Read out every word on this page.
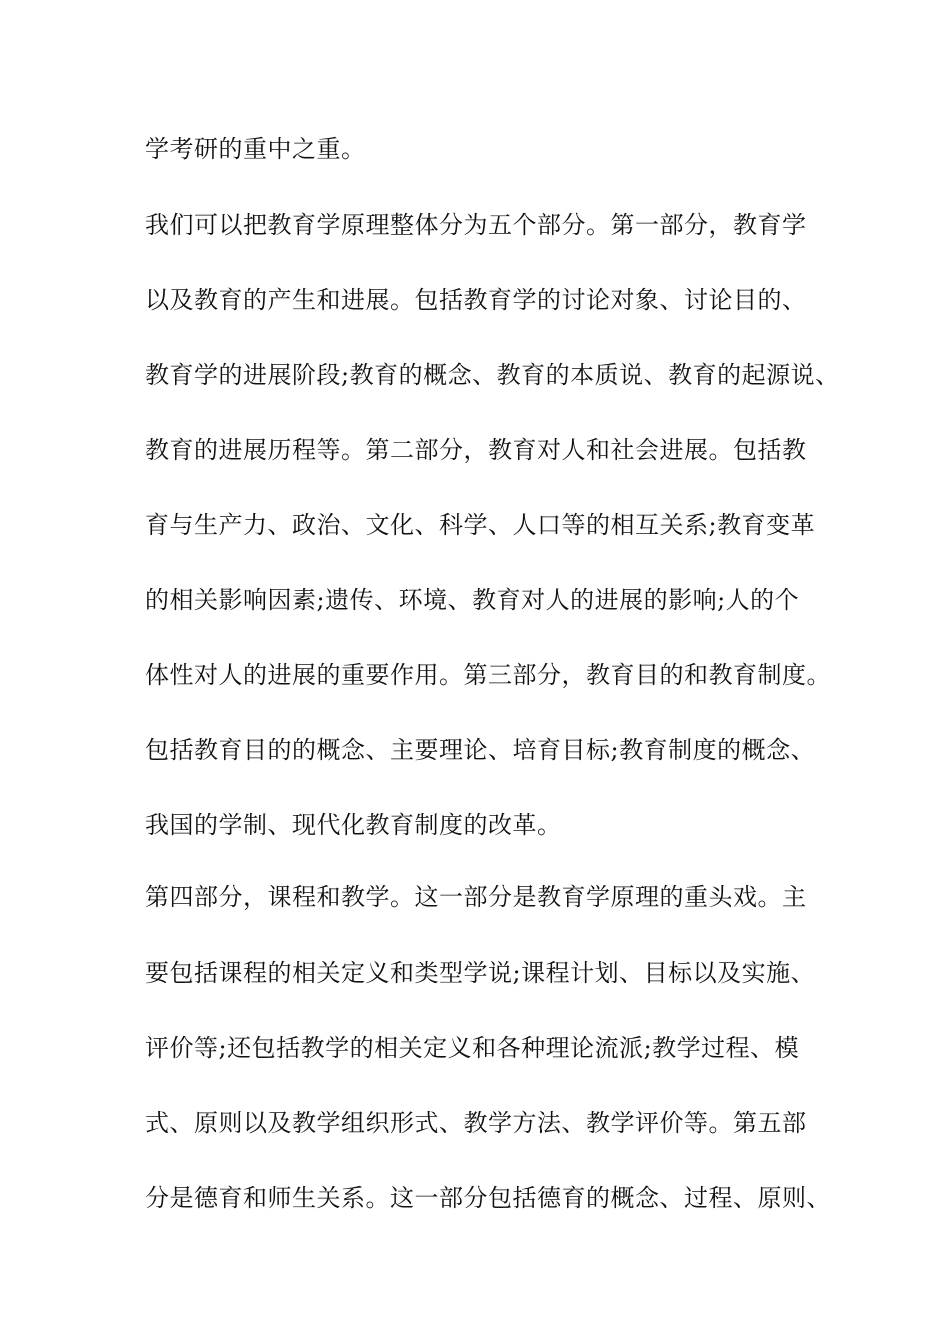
学考研的重中之重。
我们可以把教育学原理整体分为五个部分。第一部分，教育学
以及教育的产生和进展。包括教育学的讨论对象、讨论目的、
教育学的进展阶段;教育的概念、教育的本质说、教育的起源说、
教育的进展历程等。第二部分，教育对人和社会进展。包括教
育与生产力、政治、文化、科学、人口等的相互关系;教育变革
的相关影响因素;遗传、环境、教育对人的进展的影响;人的个
体性对人的进展的重要作用。第三部分，教育目的和教育制度。
包括教育目的的概念、主要理论、培育目标;教育制度的概念、
我国的学制、现代化教育制度的改革。
第四部分，课程和教学。这一部分是教育学原理的重头戏。主
要包括课程的相关定义和类型学说;课程计划、目标以及实施、
评价等;还包括教学的相关定义和各种理论流派;教学过程、模
式、原则以及教学组织形式、教学方法、教学评价等。第五部
分是德育和师生关系。这一部分包括德育的概念、过程、原则、
